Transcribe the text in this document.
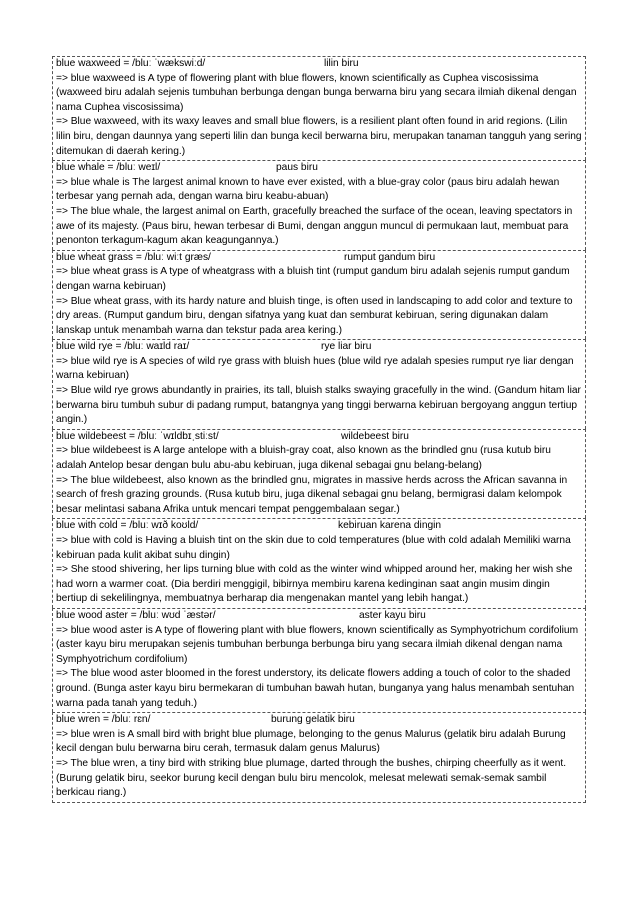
blue waxweed = /bluː ˈwækswiːd/	lilin biru

=> blue waxweed is A type of flowering plant with blue flowers, known scientifically as Cuphea viscosissima (waxweed biru adalah sejenis tumbuhan berbunga dengan bunga berwarna biru yang secara ilmiah dikenal dengan nama Cuphea viscosissima)

=> Blue waxweed, with its waxy leaves and small blue flowers, is a resilient plant often found in arid regions. (Lilin lilin biru, dengan daunnya yang seperti lilin dan bunga kecil berwarna biru, merupakan tanaman tangguh yang sering ditemukan di daerah kering.)

blue whale = /bluː weɪl/	paus biru

=> blue whale is The largest animal known to have ever existed, with a blue-gray color (paus biru adalah hewan terbesar yang pernah ada, dengan warna biru keabu-abuan)

=> The blue whale, the largest animal on Earth, gracefully breached the surface of the ocean, leaving spectators in awe of its majesty. (Paus biru, hewan terbesar di Bumi, dengan anggun muncul di permukaan laut, membuat para penonton terkagum-kagum akan keagungannya.)

blue wheat grass = /bluː wiːt græs/	rumput gandum biru

=> blue wheat grass is A type of wheatgrass with a bluish tint (rumput gandum biru adalah sejenis rumput gandum dengan warna kebiruan)

=> Blue wheat grass, with its hardy nature and bluish tinge, is often used in landscaping to add color and texture to dry areas. (Rumput gandum biru, dengan sifatnya yang kuat dan semburat kebiruan, sering digunakan dalam lanskap untuk menambah warna dan tekstur pada area kering.)

blue wild rye = /bluː waɪld raɪ/	rye liar biru

=> blue wild rye is A species of wild rye grass with bluish hues (blue wild rye adalah spesies rumput rye liar dengan warna kebiruan)

=> Blue wild rye grows abundantly in prairies, its tall, bluish stalks swaying gracefully in the wind. (Gandum hitam liar berwarna biru tumbuh subur di padang rumput, batangnya yang tinggi berwarna kebiruan bergoyang anggun tertiup angin.)

blue wildebeest = /bluː ˈwɪldbɪˌstiːst/	wildebeest biru

=> blue wildebeest is A large antelope with a bluish-gray coat, also known as the brindled gnu (rusa kutub biru adalah Antelop besar dengan bulu abu-abu kebiruan, juga dikenal sebagai gnu belang-belang)

=> The blue wildebeest, also known as the brindled gnu, migrates in massive herds across the African savanna in search of fresh grazing grounds. (Rusa kutub biru, juga dikenal sebagai gnu belang, bermigrasi dalam kelompok besar melintasi sabana Afrika untuk mencari tempat penggembalaan segar.)

blue with cold = /bluː wɪð koʊld/	kebiruan karena dingin

=> blue with cold is Having a bluish tint on the skin due to cold temperatures (blue with cold adalah Memiliki warna kebiruan pada kulit akibat suhu dingin)

=> She stood shivering, her lips turning blue with cold as the winter wind whipped around her, making her wish she had worn a warmer coat. (Dia berdiri menggigil, bibirnya membiru karena kedinginan saat angin musim dingin bertiup di sekelilingnya, membuatnya berharap dia mengenakan mantel yang lebih hangat.)

blue wood aster = /bluː wʊd ˈæstər/	aster kayu biru

=> blue wood aster is A type of flowering plant with blue flowers, known scientifically as Symphyotrichum cordifolium (aster kayu biru merupakan sejenis tumbuhan berbunga berbunga biru yang secara ilmiah dikenal dengan nama Symphyotrichum cordifolium)

=> The blue wood aster bloomed in the forest understory, its delicate flowers adding a touch of color to the shaded ground. (Bunga aster kayu biru bermekaran di tumbuhan bawah hutan, bunganya yang halus menambah sentuhan warna pada tanah yang teduh.)

blue wren = /bluː rɛn/	burung gelatik biru

=> blue wren is A small bird with bright blue plumage, belonging to the genus Malurus (gelatik biru adalah Burung kecil dengan bulu berwarna biru cerah, termasuk dalam genus Malurus)

=> The blue wren, a tiny bird with striking blue plumage, darted through the bushes, chirping cheerfully as it went. (Burung gelatik biru, seekor burung kecil dengan bulu biru mencolok, melesat melewati semak-semak sambil berkicau riang.)
